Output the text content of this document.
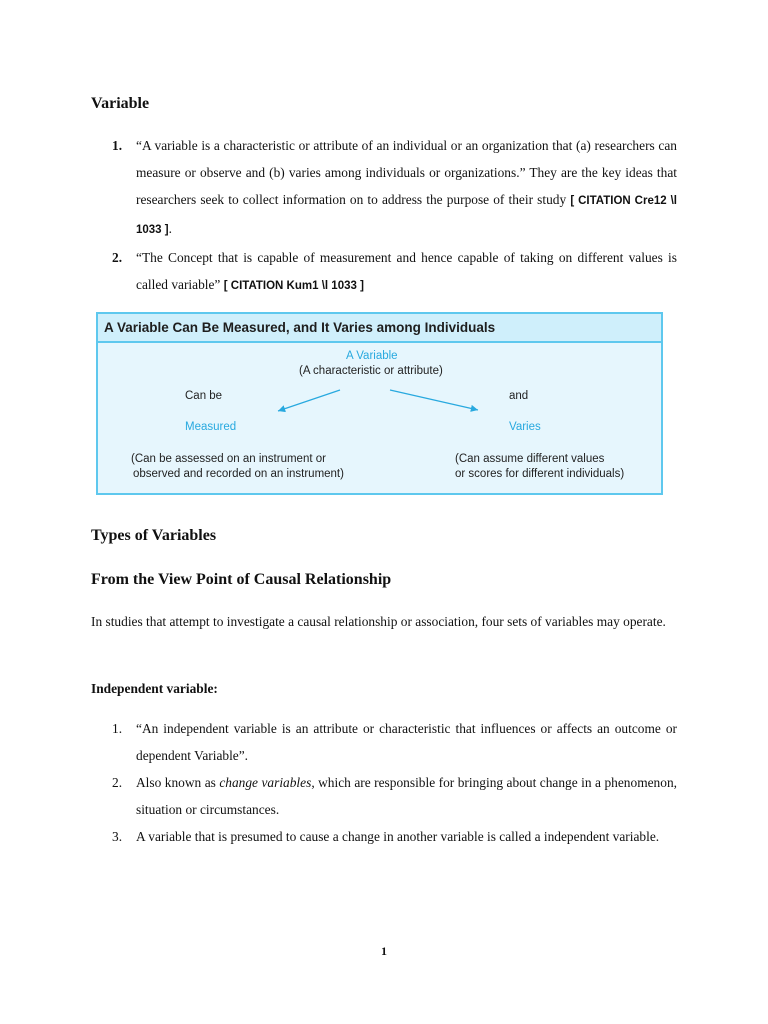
Variable
1. “A variable is a characteristic or attribute of an individual or an organization that (a) researchers can measure or observe and (b) varies among individuals or organizations.” They are the key ideas that researchers seek to collect information on to address the purpose of their study [ CITATION Cre12 \l 1033 ].
2. “The Concept that is capable of measurement and hence capable of taking on different values is called variable” [ CITATION Kum1 \l 1033 ]
A Variable Can Be Measured, and It Varies among Individuals
A Variable
(A characteristic or attribute)
Can be
Measured
(Can be assessed on an instrument or
observed and recorded on an instrument)
and
Varies
(Can assume different values
or scores for different individuals)
Types of Variables
From the View Point of Causal Relationship
In studies that attempt to investigate a causal relationship or association, four sets of variables may operate.
Independent variable:
1. “An independent variable is an attribute or characteristic that influences or affects an outcome or dependent Variable”.
2. Also known as change variables, which are responsible for bringing about change in a phenomenon, situation or circumstances.
3. A variable that is presumed to cause a change in another variable is called a independent variable.
1
